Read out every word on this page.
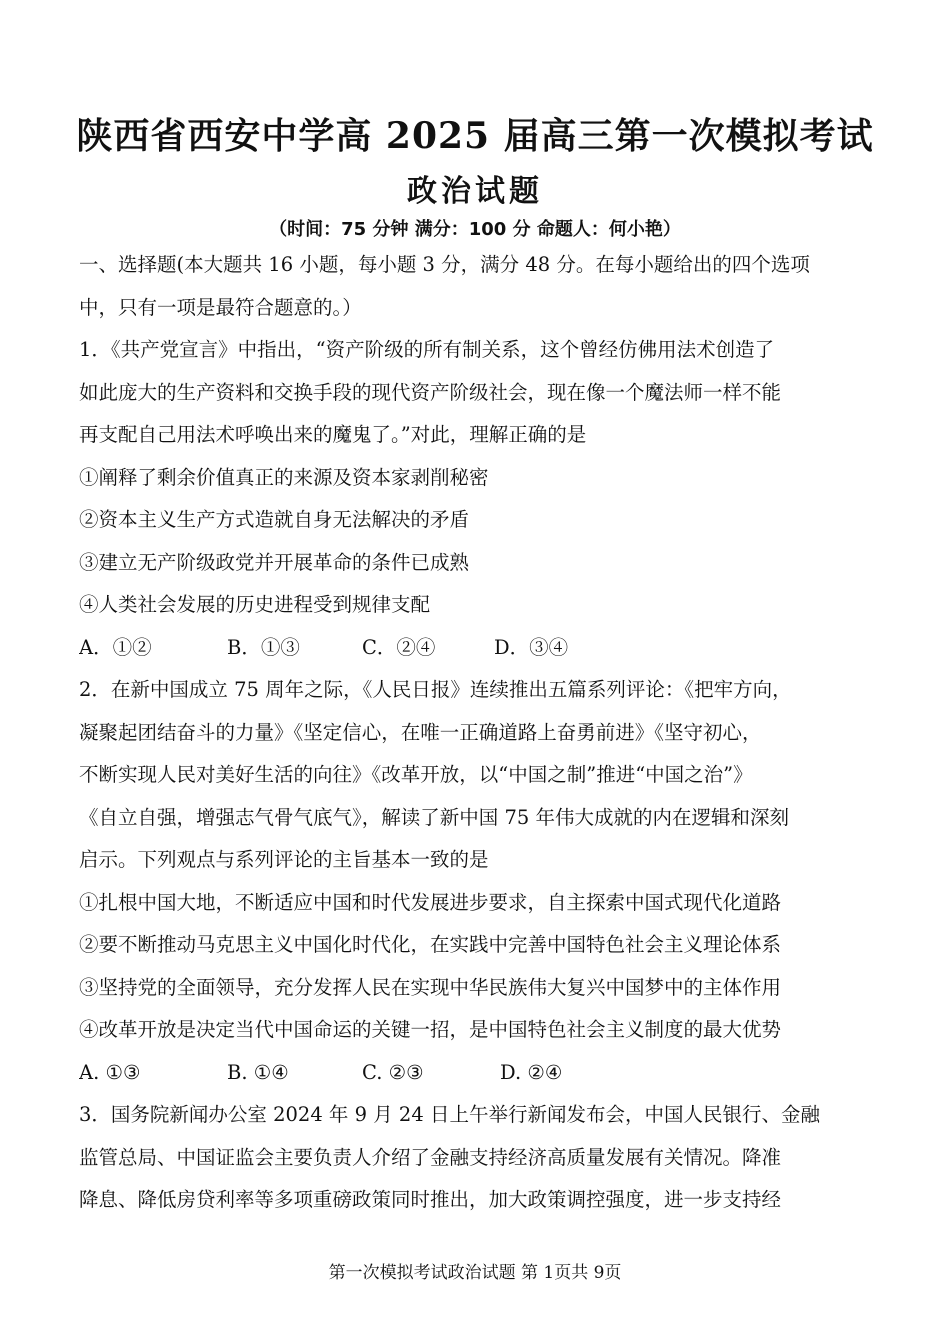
陕西省西安中学高 2025 届高三第一次模拟考试
政治试题
（时间：75 分钟 满分：100 分 命题人：何小艳）
一、选择题(本大题共 16 小题，每小题 3 分，满分 48 分。在每小题给出的四个选项
中，只有一项是最符合题意的。）
1．《共产党宣言》中指出，“资产阶级的所有制关系，这个曾经仿佛用法术创造了
如此庞大的生产资料和交换手段的现代资产阶级社会，现在像一个魔法师一样不能
再支配自己用法术呼唤出来的魔鬼了。”对此，理解正确的是
①阐释了剩余价值真正的来源及资本家剥削秘密
②资本主义生产方式造就自身无法解决的矛盾
③建立无产阶级政党并开展革命的条件已成熟
④人类社会发展的历史进程受到规律支配
A．①②	B．①③	C．②④	D．③④
2．在新中国成立 75 周年之际，《人民日报》连续推出五篇系列评论：《把牢方向，
凝聚起团结奋斗的力量》《坚定信心，在唯一正确道路上奋勇前进》《坚守初心，
不断实现人民对美好生活的向往》《改革开放，以“中国之制”推进“中国之治”》
《自立自强，增强志气骨气底气》，解读了新中国 75 年伟大成就的内在逻辑和深刻
启示。下列观点与系列评论的主旨基本一致的是
①扎根中国大地，不断适应中国和时代发展进步要求，自主探索中国式现代化道路
②要不断推动马克思主义中国化时代化，在实践中完善中国特色社会主义理论体系
③坚持党的全面领导，充分发挥人民在实现中华民族伟大复兴中国梦中的主体作用
④改革开放是决定当代中国命运的关键一招，是中国特色社会主义制度的最大优势
A. ①③	B. ①④	C. ②③	D. ②④
3．国务院新闻办公室 2024 年 9 月 24 日上午举行新闻发布会，中国人民银行、金融
监管总局、中国证监会主要负责人介绍了金融支持经济高质量发展有关情况。降准
降息、降低房贷利率等多项重磅政策同时推出，加大政策调控强度，进一步支持经
第一次模拟考试政治试题 第 1页共 9页
